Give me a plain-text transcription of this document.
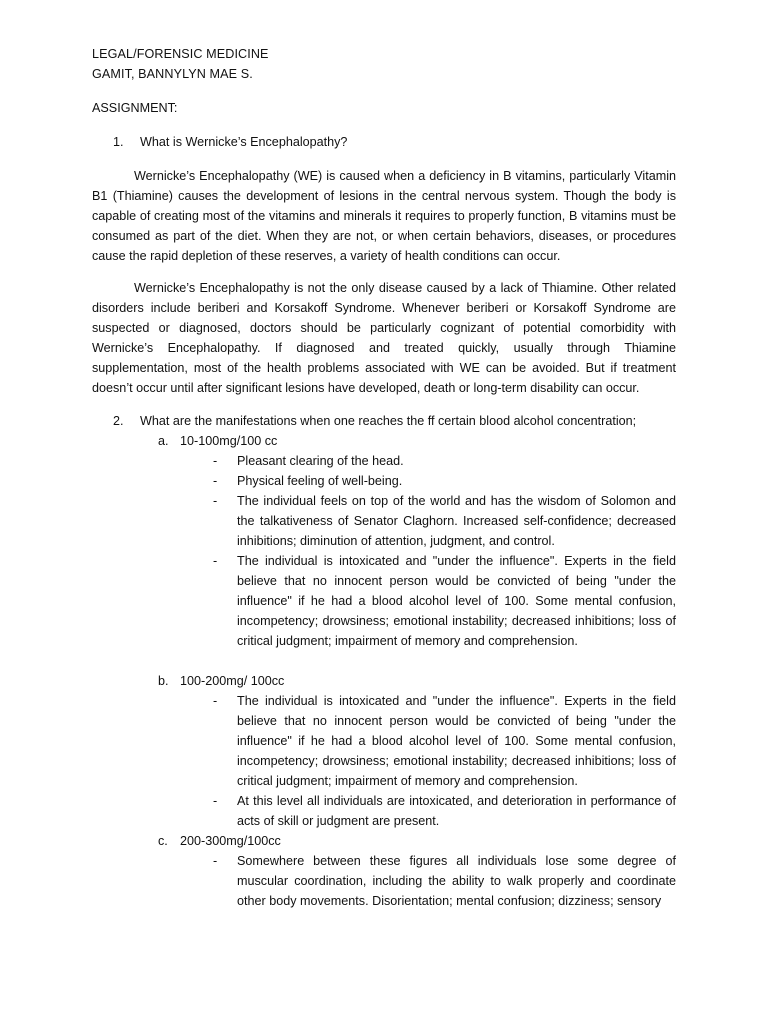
LEGAL/FORENSIC MEDICINE
GAMIT, BANNYLYN MAE S.
ASSIGNMENT:
1.	What is Wernicke’s Encephalopathy?
Wernicke’s Encephalopathy (WE) is caused when a deficiency in B vitamins, particularly Vitamin B1 (Thiamine) causes the development of lesions in the central nervous system. Though the body is capable of creating most of the vitamins and minerals it requires to properly function, B vitamins must be consumed as part of the diet. When they are not, or when certain behaviors, diseases, or procedures cause the rapid depletion of these reserves, a variety of health conditions can occur.
Wernicke’s Encephalopathy is not the only disease caused by a lack of Thiamine. Other related disorders include beriberi and Korsakoff Syndrome. Whenever beriberi or Korsakoff Syndrome are suspected or diagnosed, doctors should be particularly cognizant of potential comorbidity with Wernicke’s Encephalopathy. If diagnosed and treated quickly, usually through Thiamine supplementation, most of the health problems associated with WE can be avoided. But if treatment doesn’t occur until after significant lesions have developed, death or long-term disability can occur.
2.	What are the manifestations when one reaches the ff certain blood alcohol concentration;
a. 10-100mg/100 cc
- Pleasant clearing of the head.
- Physical feeling of well-being.
- The individual feels on top of the world and has the wisdom of Solomon and the talkativeness of Senator Claghorn. Increased self-confidence; decreased inhibitions; diminution of attention, judgment, and control.
- The individual is intoxicated and "under the influence". Experts in the field believe that no innocent person would be convicted of being "under the influence" if he had a blood alcohol level of 100. Some mental confusion, incompetency; drowsiness; emotional instability; decreased inhibitions; loss of critical judgment; impairment of memory and comprehension.
b. 100-200mg/ 100cc
- The individual is intoxicated and "under the influence". Experts in the field believe that no innocent person would be convicted of being "under the influence" if he had a blood alcohol level of 100. Some mental confusion, incompetency; drowsiness; emotional instability; decreased inhibitions; loss of critical judgment; impairment of memory and comprehension.
- At this level all individuals are intoxicated, and deterioration in performance of acts of skill or judgment are present.
c. 200-300mg/100cc
- Somewhere between these figures all individuals lose some degree of muscular coordination, including the ability to walk properly and coordinate other body movements. Disorientation; mental confusion; dizziness; sensory
